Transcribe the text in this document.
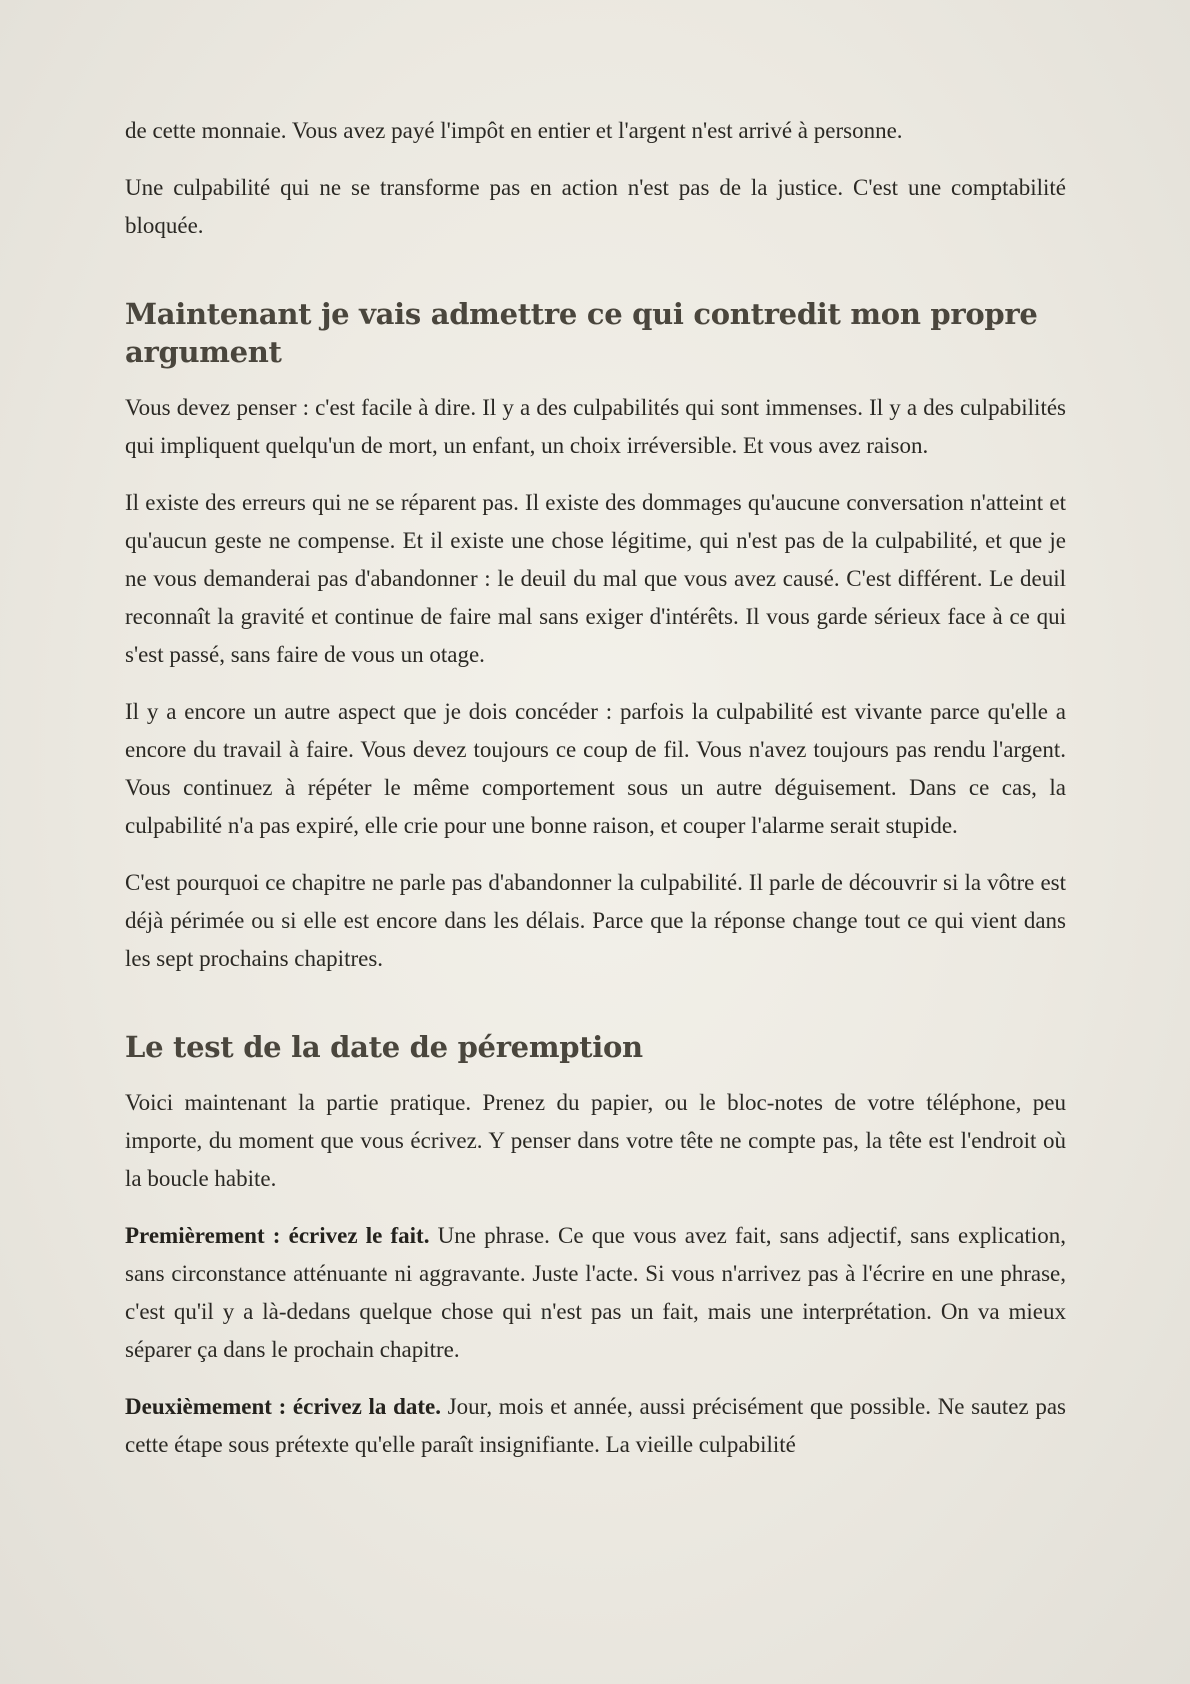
de cette monnaie. Vous avez payé l'impôt en entier et l'argent n'est arrivé à personne.

Une culpabilité qui ne se transforme pas en action n'est pas de la justice. C'est une comptabilité bloquée.

Maintenant je vais admettre ce qui contredit mon propre argument

Vous devez penser : c'est facile à dire. Il y a des culpabilités qui sont immenses. Il y a des culpabilités qui impliquent quelqu'un de mort, un enfant, un choix irréversible. Et vous avez raison.

Il existe des erreurs qui ne se réparent pas. Il existe des dommages qu'aucune conversation n'atteint et qu'aucun geste ne compense. Et il existe une chose légitime, qui n'est pas de la culpabilité, et que je ne vous demanderai pas d'abandonner : le deuil du mal que vous avez causé. C'est différent. Le deuil reconnaît la gravité et continue de faire mal sans exiger d'intérêts. Il vous garde sérieux face à ce qui s'est passé, sans faire de vous un otage.

Il y a encore un autre aspect que je dois concéder : parfois la culpabilité est vivante parce qu'elle a encore du travail à faire. Vous devez toujours ce coup de fil. Vous n'avez toujours pas rendu l'argent. Vous continuez à répéter le même comportement sous un autre déguisement. Dans ce cas, la culpabilité n'a pas expiré, elle crie pour une bonne raison, et couper l'alarme serait stupide.

C'est pourquoi ce chapitre ne parle pas d'abandonner la culpabilité. Il parle de découvrir si la vôtre est déjà périmée ou si elle est encore dans les délais. Parce que la réponse change tout ce qui vient dans les sept prochains chapitres.

Le test de la date de péremption

Voici maintenant la partie pratique. Prenez du papier, ou le bloc-notes de votre téléphone, peu importe, du moment que vous écrivez. Y penser dans votre tête ne compte pas, la tête est l'endroit où la boucle habite.

Premièrement : écrivez le fait. Une phrase. Ce que vous avez fait, sans adjectif, sans explication, sans circonstance atténuante ni aggravante. Juste l'acte. Si vous n'arrivez pas à l'écrire en une phrase, c'est qu'il y a là-dedans quelque chose qui n'est pas un fait, mais une interprétation. On va mieux séparer ça dans le prochain chapitre.

Deuxièmement : écrivez la date. Jour, mois et année, aussi précisément que possible. Ne sautez pas cette étape sous prétexte qu'elle paraît insignifiante. La vieille culpabilité
